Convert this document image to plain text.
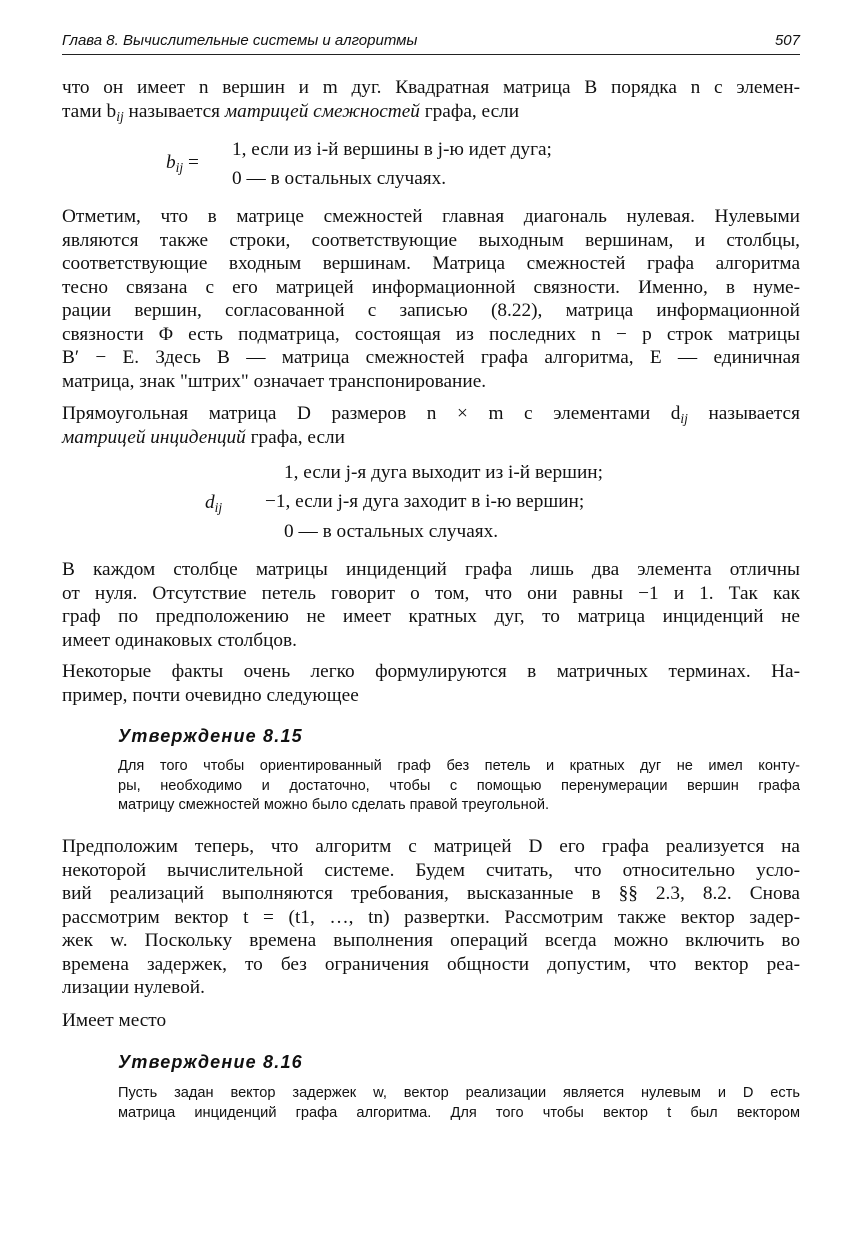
Глава 8. Вычислительные системы и алгоритмы	507

что он имеет n вершин и m дуг. Квадратная матрица B порядка n с элемен-

тами $b_{ij}$ называется матрицей смежностей графа, если

$b_{ij}$ =
1, если из i-й вершины в j-ю идет дуга;
0 — в остальных случаях.

Отметим, что в матрице смежностей главная диагональ нулевая. Нулевыми

являются также строки, соответствующие выходным вершинам, и столбцы,

соответствующие входным вершинам. Матрица смежностей графа алгоритма

тесно связана с его матрицей информационной связности. Именно, в нуме-

рации вершин, согласованной с записью (8.22), матрица информационной

связности Φ есть подматрица, состоящая из последних n − p строк матрицы

B′ − E. Здесь B — матрица смежностей графа алгоритма, E — единичная

матрица, знак "штрих" означает транспонирование.

Прямоугольная матрица D размеров n × m с элементами $d_{ij}$ называется

матрицей инциденций графа, если

$d_{ij}$
1, если j-я дуга выходит из i-й вершин;
−1, если j-я дуга заходит в i-ю вершин;
0 — в остальных случаях.

В каждом столбце матрицы инциденций графа лишь два элемента отличны

от нуля. Отсутствие петель говорит о том, что они равны −1 и 1. Так как

граф по предположению не имеет кратных дуг, то матрица инциденций не

имеет одинаковых столбцов.

Некоторые факты очень легко формулируются в матричных терминах. На-

пример, почти очевидно следующее

Утверждение 8.15

Для того чтобы ориентированный граф без петель и кратных дуг не имел конту-

ры, необходимо и достаточно, чтобы с помощью перенумерации вершин графа

матрицу смежностей можно было сделать правой треугольной.

Предположим теперь, что алгоритм с матрицей D его графа реализуется на

некоторой вычислительной системе. Будем считать, что относительно усло-

вий реализаций выполняются требования, высказанные в §§ 2.3, 8.2. Снова

рассмотрим вектор t = (t1, …, tn) развертки. Рассмотрим также вектор задер-

жек w. Поскольку времена выполнения операций всегда можно включить во

времена задержек, то без ограничения общности допустим, что вектор реа-

лизации нулевой.

Имеет место

Утверждение 8.16

Пусть задан вектор задержек w, вектор реализации является нулевым и D есть

матрица инциденций графа алгоритма. Для того чтобы вектор t был вектором
